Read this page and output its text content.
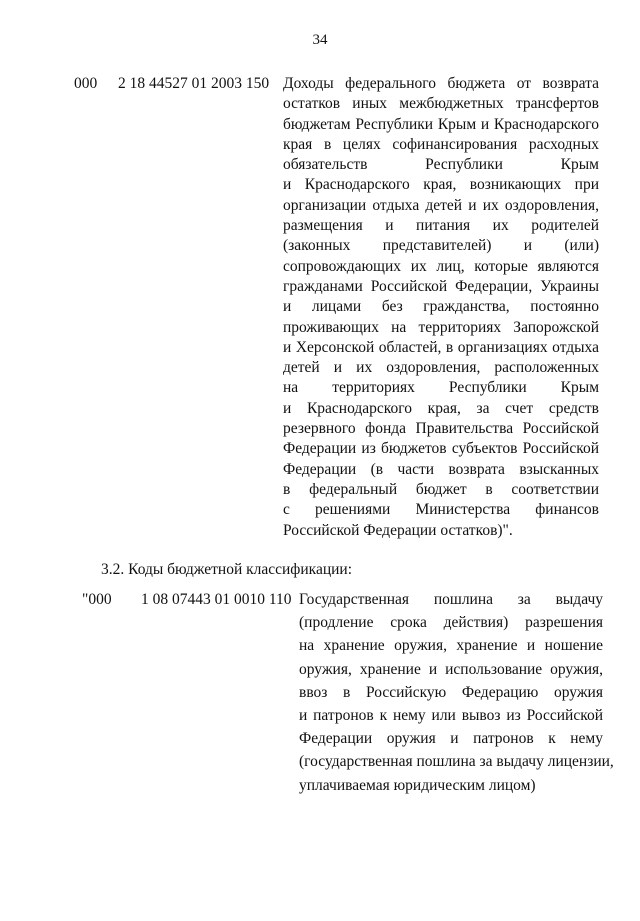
34
000 2 18 44527 01 2003 150 Доходы федерального бюджета от возврата
остатков иных межбюджетных трансфертов
бюджетам Республики Крым и Краснодарского
края в целях софинансирования расходных
обязательств Республики Крым
и Краснодарского края, возникающих при
организации отдыха детей и их оздоровления,
размещения и питания их родителей
(законных представителей) и (или)
сопровождающих их лиц, которые являются
гражданами Российской Федерации, Украины
и лицами без гражданства, постоянно
проживающих на территориях Запорожской
и Херсонской областей, в организациях отдыха
детей и их оздоровления, расположенных
на территориях Республики Крым
и Краснодарского края, за счет средств
резервного фонда Правительства Российской
Федерации из бюджетов субъектов Российской
Федерации (в части возврата взысканных
в федеральный бюджет в соответствии
с решениями Министерства финансов
Российской Федерации остатков)".
3.2. Коды бюджетной классификации:
"000 1 08 07443 01 0010 110 Государственная пошлина за выдачу
(продление срока действия) разрешения
на хранение оружия, хранение и ношение
оружия, хранение и использование оружия,
ввоз в Российскую Федерацию оружия
и патронов к нему или вывоз из Российской
Федерации оружия и патронов к нему
(государственная пошлина за выдачу лицензии,
уплачиваемая юридическим лицом)
